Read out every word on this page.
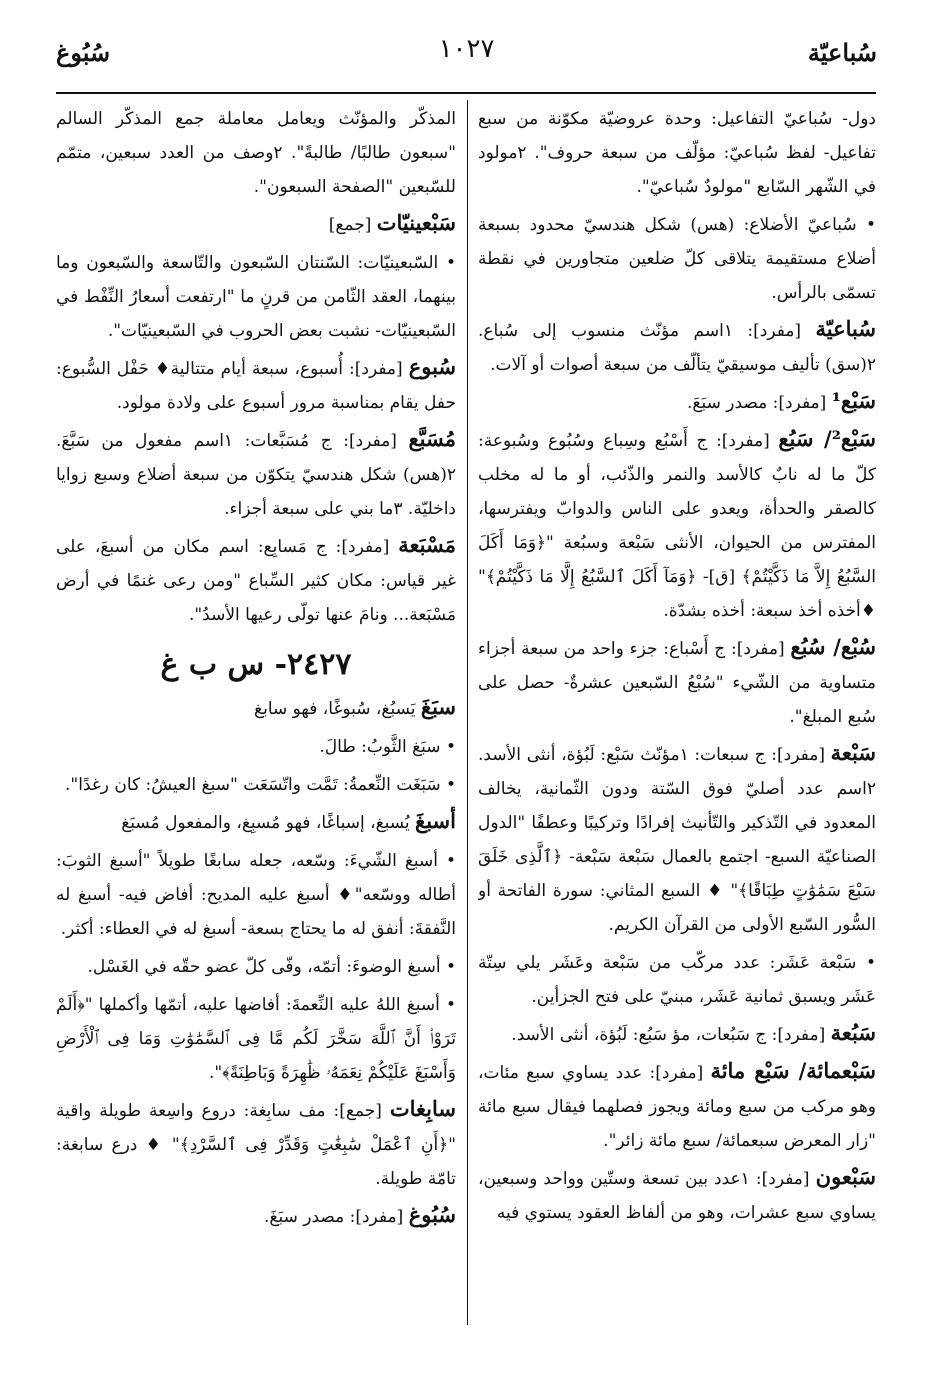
سُباعيّة
١٠٢٧
سُبُوغ

دول- سُباعيّ التفاعيل: وحدة عروضيّة مكوّنة من سبع تفاعيل- لفظ سُباعيّ: مؤلّف من سبعة حروف". ٢مولود في الشّهر السّابع "مولودٌ سُباعيّ".

• سُباعيّ الأضلاع: (هس) شكل هندسيّ محدود بسبعة أضلاع مستقيمة يتلاقى كلّ ضلعين متجاورين في نقطة تسمّى بالرأس.

سُباعيّة [مفرد]: ١اسم مؤنّث منسوب إلى سُباع. ٢(سق) تأليف موسيقيّ يتألّف من سبعة أصوات أو آلات.

سَبْع¹ [مفرد]: مصدر سبَعَ.

سَبْع²/ سَبُع [مفرد]: ج أَسْبُع وسِباع وسُبُوع وسُبوعة: كلّ ما له نابٌ كالأسد والنمر والذّئب، أو ما له مخلب كالصقر والحدأة، ويعدو على الناس والدوابّ ويفترسها، المفترس من الحيوان، الأنثى سَبْعة وسبُعة "﴿وَمَا أَكَلَ السَّبُعُ إِلاَّ مَا ذَكَّيْتُمْ﴾ [ق]- ﴿وَمَآ أَكَلَ ٱلسَّبُعُ إِلَّا مَا ذَكَّيْتُمْ﴾" ♦أخذه أخذ سبعة: أخذه بشدّة.

سُبْع/ سُبُع [مفرد]: ج أَسْباع: جزء واحد من سبعة أجزاء متساوية من الشّيء "سُبْعُ السّبعين عشرةٌ- حصل على سُبع المبلغ".

سَبْعة [مفرد]: ج سبعات: ١مؤنّث سَبْع: لَبُؤة، أنثى الأسد. ٢اسم عدد أصليّ فوق السّتة ودون الثّمانية، يخالف المعدود في التّذكير والتّأنيث إفرادًا وتركيبًا وعطفًا "الدول الصناعيّة السبع- اجتمع بالعمال سَبْعة سَبْعة- ﴿ٱلَّذِى خَلَقَ سَبْعَ سَمَٰوَٰتٍ طِبَاقًا﴾" ♦ السبع المثاني: سورة الفاتحة أو السُّور السّبع الأولى من القرآن الكريم.

• سَبْعة عَشَر: عدد مركّب من سَبْعة وعَشَر يلي سِتّة عَشَر ويسبق ثمانية عَشَر، مبنيّ على فتح الجزأين.

سَبُعة [مفرد]: ج سَبُعات، مؤ سَبُع: لَبُؤة، أنثى الأسد.

سَبْعمائة/ سَبْع مائة [مفرد]: عدد يساوي سبع مئات، وهو مركب من سبع ومائة ويجوز فصلهما فيقال سبع مائة "زار المعرض سبعمائة/ سبع مائة زائر".

سَبْعون [مفرد]: ١عدد بين تسعة وستّين وواحد وسبعين، يساوي سبع عشرات، وهو من ألفاظ العقود يستوي فيه

المذكّر والمؤنّث ويعامل معاملة جمع المذكّر السالم "سبعون طالبًا/ طالبةً". ٢وصف من العدد سبعين، متمّم للسّبعين "الصفحة السبعون".

سَبْعينيّات [جمع]

• السّبعينيّات: السّنتان السّبعون والتّاسعة والسّبعون وما بينهما، العقد الثّامن من قرنٍ ما "ارتفعت أسعارُ النِّفْط في السّبعينيّات- نشبت بعض الحروب في السّبعينيّات".

سُبوع [مفرد]: أُسبوع، سبعة أيام متتالية♦ حَفْل السُّبوع: حفل يقام بمناسبة مرور أسبوع على ولادة مولود.

مُسَبَّع [مفرد]: ج مُسَبَّعات: ١اسم مفعول من سَبَّعَ. ٢(هس) شكل هندسيّ يتكوّن من سبعة أضلاع وسبع زوايا داخليّة. ٣ما بني على سبعة أجزاء.

مَسْبَعة [مفرد]: ج مَسابِع: اسم مكان من أسبعَ، على غير قياس: مكان كثير السِّباع "ومن رعى غنمًا في أرض مَسْبَعة... ونامَ عنها تولّى رعيها الأسدُ".

٢٤٢٧- س ب غ

سبَغَ يَسبُغ، سُبوغًا، فهو سابغ

• سبَغ الثَّوبُ: طالَ.

• سَبَغَت النِّعمةُ: تَمَّت واتّسَعَت "سبغ العيشُ: كان رغدًا".

أسبغَ يُسبغ، إسباغًا، فهو مُسبِغ، والمفعول مُسبَغ

• أسبغ الشّيءَ: وسّعه، جعله سابغًا طويلاً "أسبغ الثوبَ: أطاله ووسّعه"♦ أسبغ عليه المديح: أفاض فيه- أسبغ له النَّفقةَ: أنفق له ما يحتاج بسعة- أسبغ له في العطاء: أكثر.

• أسبغ الوضوءَ: أتمّه، وفّى كلّ عضو حقّه في الغَسْل.

• أسبغ اللهُ عليه النِّعمةَ: أفاضها عليه، أتمّها وأكملها "﴿أَلَمْ تَرَوْا۟ أَنَّ ٱللَّهَ سَخَّرَ لَكُم مَّا فِى ٱلسَّمَٰوَٰتِ وَمَا فِى ٱلْأَرْضِ وَأَسْبَغَ عَلَيْكُمْ نِعَمَهُۥ ظَٰهِرَةً وَبَاطِنَةً﴾".

سابِغات [جمع]: مف سابِغة: دروع واسِعة طويلة واقية "﴿أَنِ ٱعْمَلْ سَٰبِغَٰتٍ وَقَدِّرْ فِى ٱلسَّرْدِ﴾" ♦ درع سابغة: تامّة طويلة.

سُبُوغ [مفرد]: مصدر سبَغَ.
